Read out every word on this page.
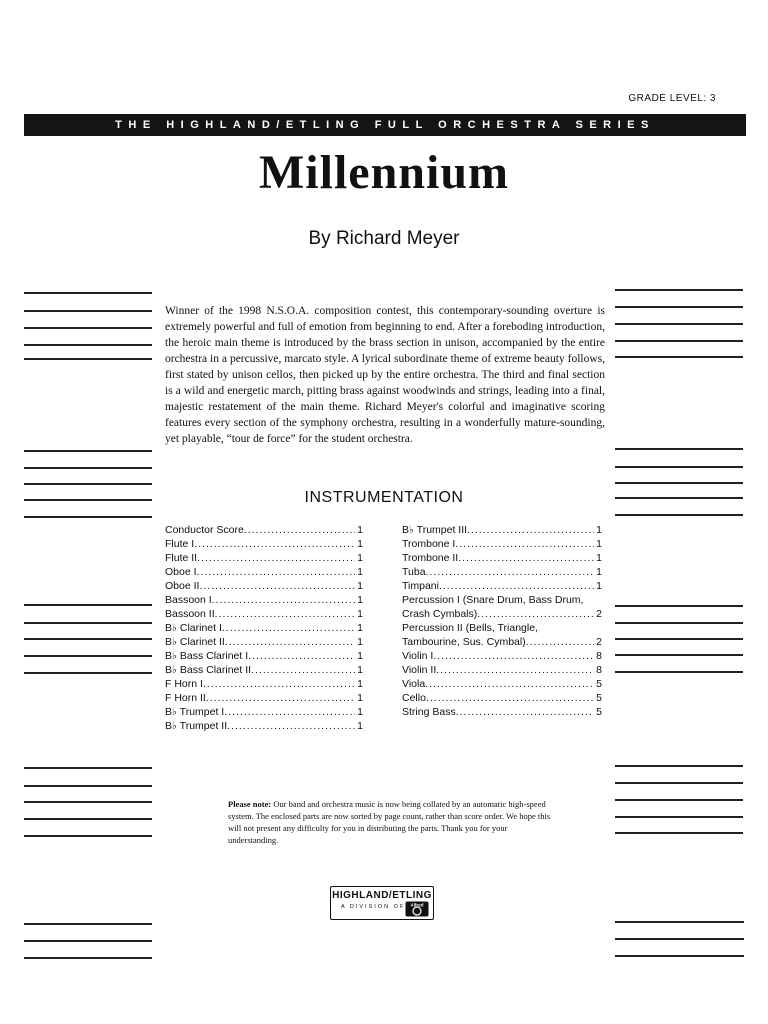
GRADE LEVEL: 3
THE HIGHLAND/ETLING FULL ORCHESTRA SERIES
Millennium
By Richard Meyer

Winner of the 1998 N.S.O.A. composition contest, this contemporary-sounding overture is extremely powerful and full of emotion from beginning to end. After a foreboding introduction, the heroic main theme is introduced by the brass section in unison, accompanied by the entire orchestra in a percussive, marcato style. A lyrical subordinate theme of extreme beauty follows, first stated by unison cellos, then picked up by the entire orchestra. The third and final section is a wild and energetic march, pitting brass against woodwinds and strings, leading into a final, majestic restatement of the main theme. Richard Meyer's colorful and imaginative scoring features every section of the symphony orchestra, resulting in a wonderfully mature-sounding, yet playable, “tour de force” for the student orchestra.

INSTRUMENTATION
Conductor Score .....	1
Flute I .....	1
Flute II .....	1
Oboe I .....	1
Oboe II .....	1
Bassoon I .....	1
Bassoon II .....	1
B♭ Clarinet I .....	1
B♭ Clarinet II .....	1
B♭ Bass Clarinet I .....	1
B♭ Bass Clarinet II .....	1
F Horn I .....	1
F Horn II .....	1
B♭ Trumpet I .....	1
B♭ Trumpet II .....	1
B♭ Trumpet III .....	1
Trombone I .....	1
Trombone II .....	1
Tuba .....	1
Timpani .....	1
Percussion I (Snare Drum, Bass Drum,
Crash Cymbals) .....	2
Percussion II (Bells, Triangle,
Tambourine, Sus. Cymbal) .....	2
Violin I .....	8
Violin II .....	8
Viola .....	5
Cello .....	5
String Bass .....	5

Please note: Our band and orchestra music is now being collated by an automatic high-speed system. The enclosed parts are now sorted by page count, rather than score order. We hope this will not present any difficulty for you in distributing the parts. Thank you for your understanding.

HIGHLAND/ETLING
A DIVISION OF	Alfred
